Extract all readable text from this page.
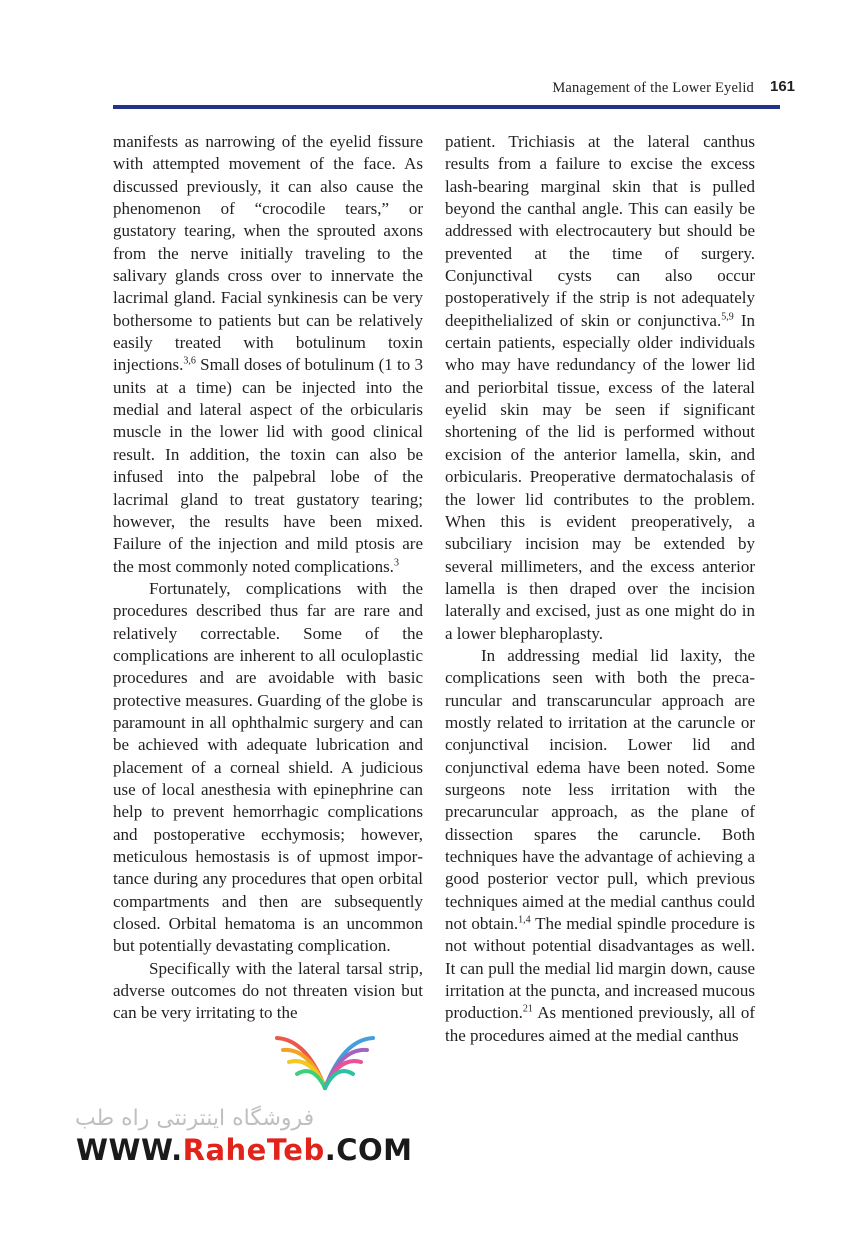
Management of the Lower Eyelid 161

manifests as narrowing of the eyelid fissure with attempted movement of the face. As discussed previously, it can also cause the phenomenon of “crocodile tears,” or gustatory tearing, when the sprouted axons from the nerve initially traveling to the salivary glands cross over to innervate the lacrimal gland. Facial synkinesis can be very bothersome to patients but can be relatively easily treated with botulinum toxin injections.$^{3,6}$ Small doses of botulinum (1 to 3 units at a time) can be injected into the medial and lateral aspect of the orbicularis muscle in the lower lid with good clinical result. In addition, the toxin can also be infused into the palpebral lobe of the lacrimal gland to treat gustatory tearing; however, the results have been mixed. Failure of the injection and mild ptosis are the most commonly noted complications.$^3$

Fortunately, complications with the procedures described thus far are rare and relatively correctable. Some of the complications are inherent to all oculoplastic procedures and are avoidable with basic protective measures. Guarding of the globe is paramount in all ophthalmic surgery and can be achieved with adequate lubrication and placement of a corneal shield. A judicious use of local anesthesia with epinephrine can help to prevent hemorrhagic complications and postoperative ecchymosis; however, meticulous hemostasis is of upmost importance during any procedures that open orbital compartments and then are subsequently closed. Orbital hematoma is an uncommon but potentially devastating complication.

Specifically with the lateral tarsal strip, adverse outcomes do not threaten vision but can be very irritating to the

patient. Trichiasis at the lateral canthus results from a failure to excise the excess lash-bearing marginal skin that is pulled beyond the canthal angle. This can easily be addressed with electrocautery but should be prevented at the time of surgery. Conjunctival cysts can also occur postoperatively if the strip is not adequately deepithelialized of skin or conjunctiva.$^{5,9}$ In certain patients, especially older individuals who may have redundancy of the lower lid and periorbital tissue, excess of the lateral eyelid skin may be seen if significant shortening of the lid is performed without excision of the anterior lamella, skin, and orbicularis. Preoperative dermatochalasis of the lower lid contributes to the problem. When this is evident preoperatively, a subciliary incision may be extended by several millimeters, and the excess anterior lamella is then draped over the incision laterally and excised, just as one might do in a lower blepharoplasty.

In addressing medial lid laxity, the complications seen with both the precaruncular and transcaruncular approach are mostly related to irritation at the caruncle or conjunctival incision. Lower lid and conjunctival edema have been noted. Some surgeons note less irritation with the precaruncular approach, as the plane of dissection spares the caruncle. Both techniques have the advantage of achieving a good posterior vector pull, which previous techniques aimed at the medial canthus could not obtain.$^{1,4}$ The medial spindle procedure is not without potential disadvantages as well. It can pull the medial lid margin down, cause irritation at the puncta, and increased mucous production.$^{21}$ As mentioned previously, all of the procedures aimed at the medial canthus

فروشگاه اینترنتی راه طب
WWW.RaheTeb.COM
